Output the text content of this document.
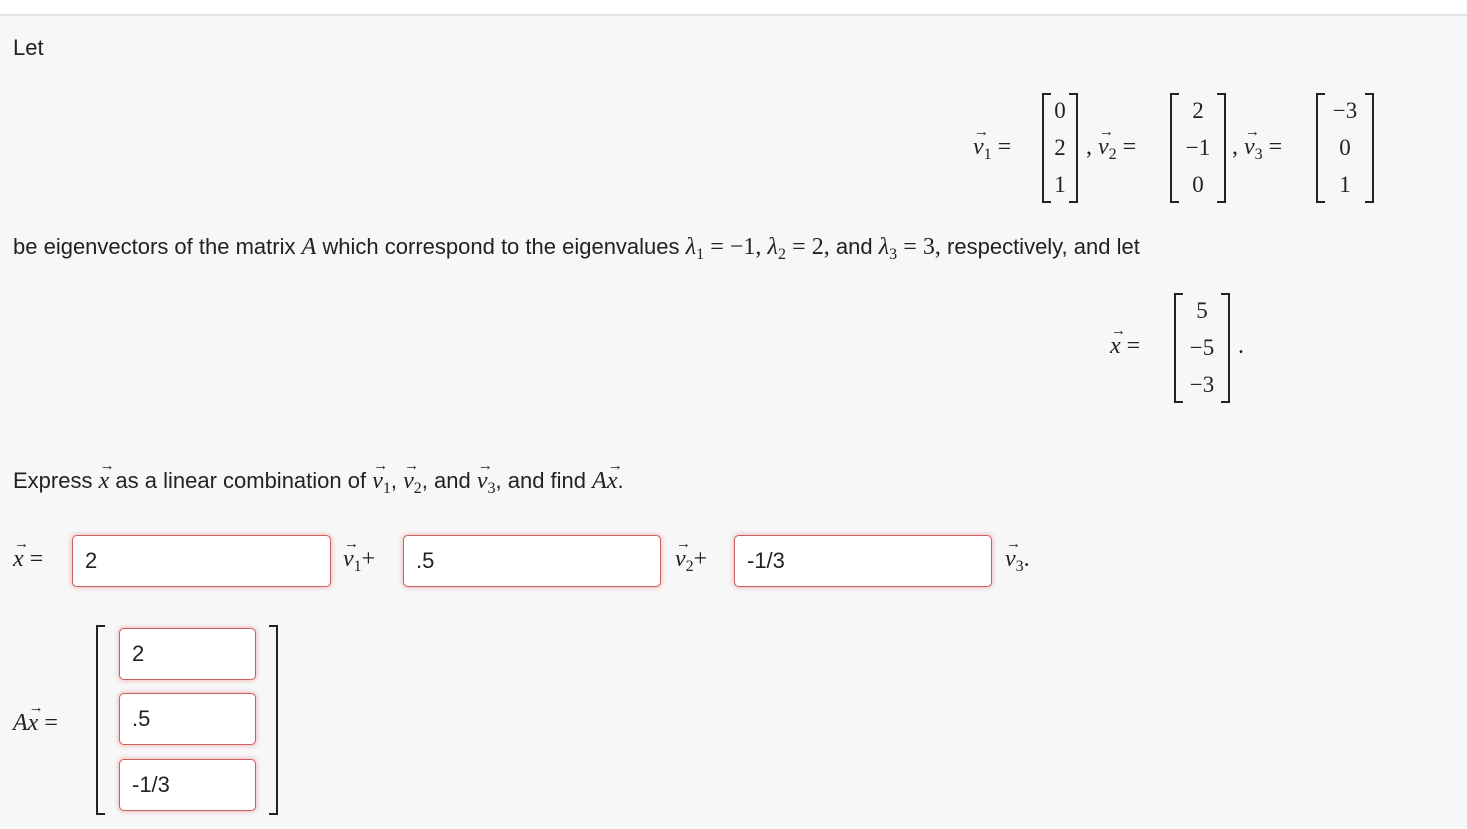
Let
v
→
$_1$ =
0
2
1
, v
→
$_2$ =
2
−1
0
, v
→
$_3$ =
−3
0
1
be eigenvectors of the matrix A which correspond to the eigenvalues $\lambda_1 = -1$, $\lambda_2 = 2$, and $\lambda_3 = 3$, respectively, and let
x
→
=
5
−5
−3
.
Express x
→
as a linear combination of v
→
$_1$, v
→
$_2$, and v
→
$_3$, and find Ax
→
.
x
→
=	2	v
→
$_1$+	.5	v
→
$_2$+	-1/3	v
→
$_3$.
Ax
→
=
2
.5
-1/3
